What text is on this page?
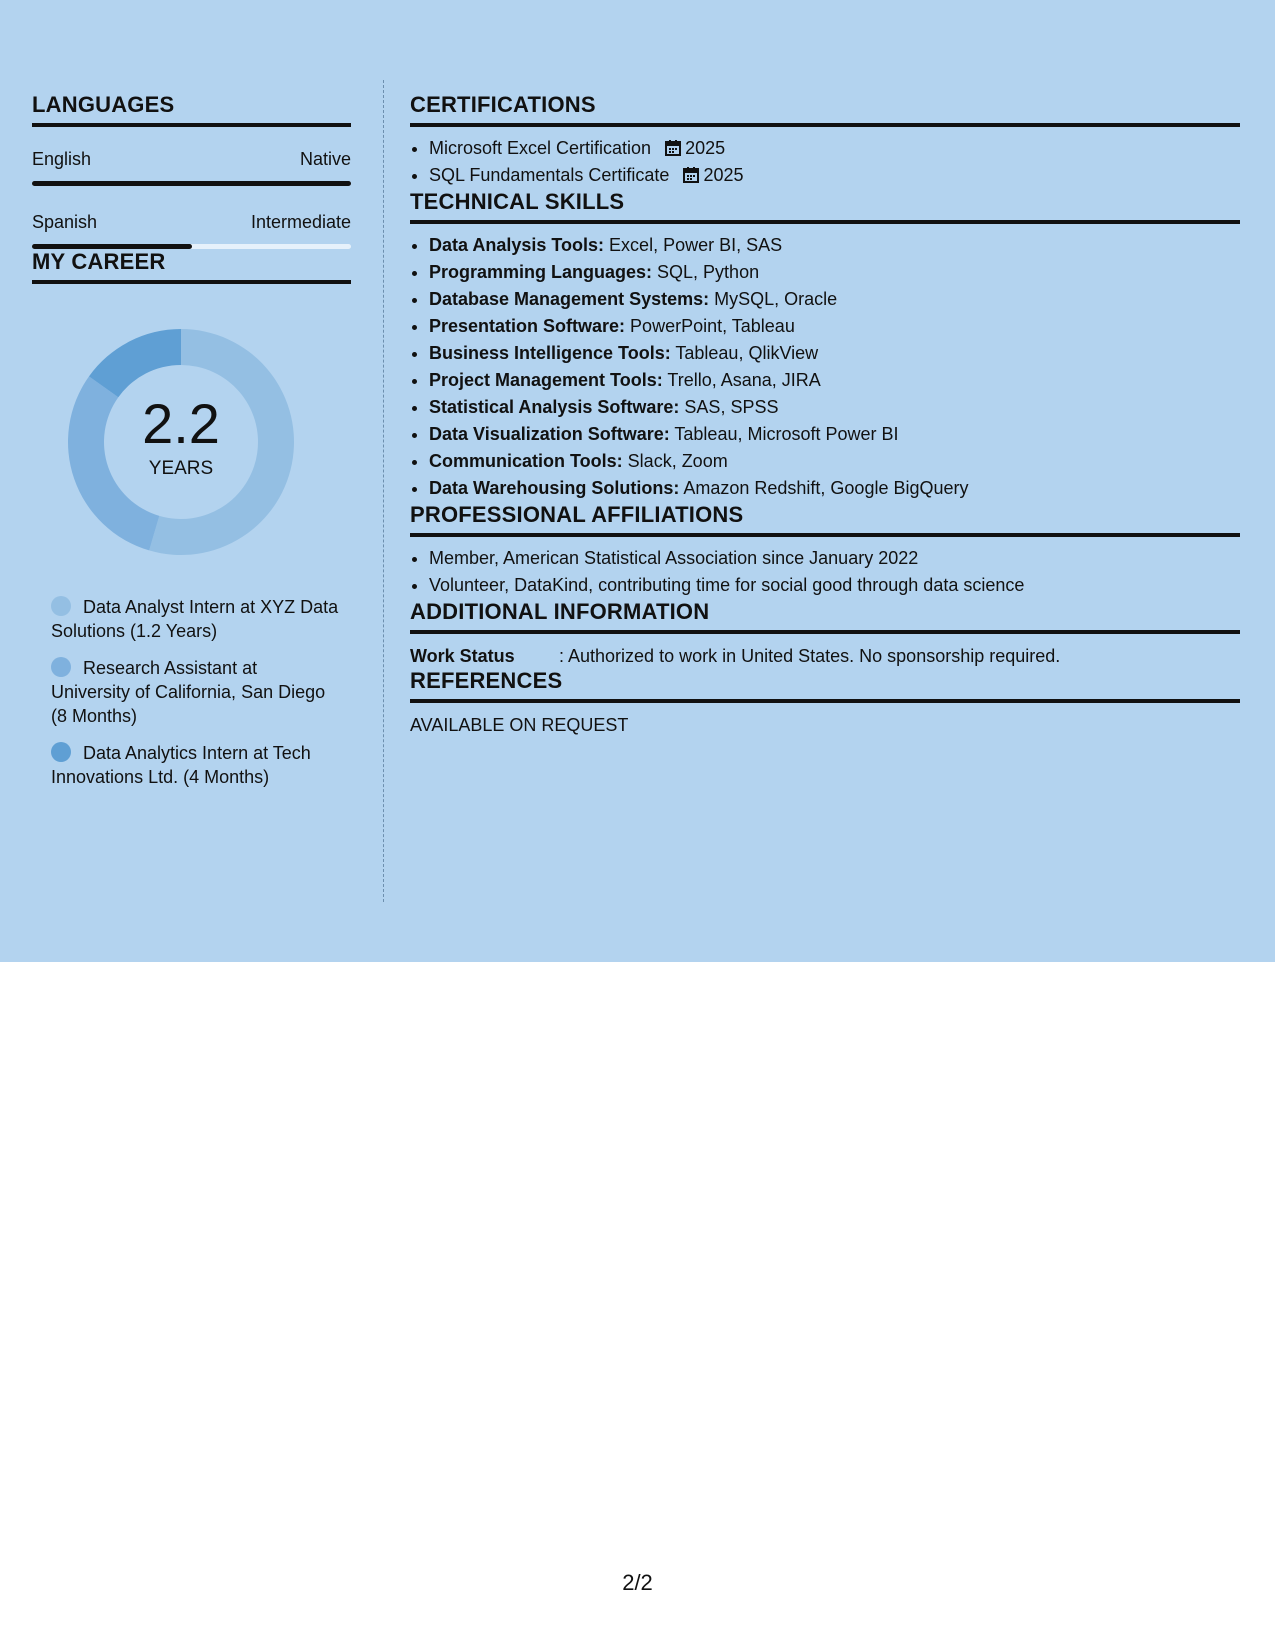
LANGUAGES
English	Native
Spanish	Intermediate
MY CAREER
2.2
YEARS
Data Analyst Intern at XYZ Data Solutions (1.2 Years)
Research Assistant at University of California, San Diego (8 Months)
Data Analytics Intern at Tech Innovations Ltd. (4 Months)
CERTIFICATIONS
• Microsoft Excel Certification 2025
• SQL Fundamentals Certificate 2025
TECHNICAL SKILLS
• Data Analysis Tools: Excel, Power BI, SAS
• Programming Languages: SQL, Python
• Database Management Systems: MySQL, Oracle
• Presentation Software: PowerPoint, Tableau
• Business Intelligence Tools: Tableau, QlikView
• Project Management Tools: Trello, Asana, JIRA
• Statistical Analysis Software: SAS, SPSS
• Data Visualization Software: Tableau, Microsoft Power BI
• Communication Tools: Slack, Zoom
• Data Warehousing Solutions: Amazon Redshift, Google BigQuery
PROFESSIONAL AFFILIATIONS
• Member, American Statistical Association since January 2022
• Volunteer, DataKind, contributing time for social good through data science
ADDITIONAL INFORMATION
Work Status	: Authorized to work in United States. No sponsorship required.
REFERENCES
AVAILABLE ON REQUEST
2/2
